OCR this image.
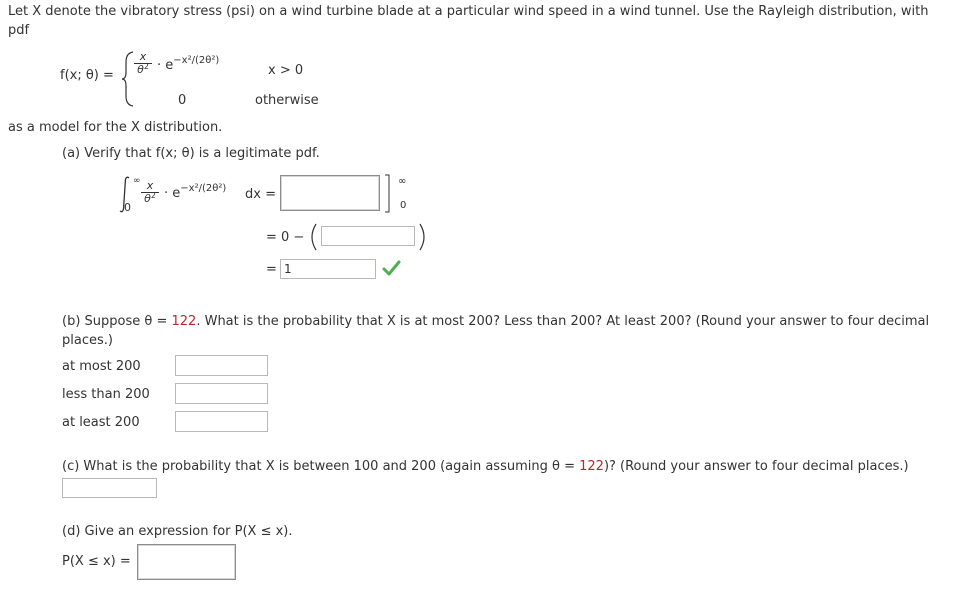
Let X denote the vibratory stress (psi) on a wind turbine blade at a particular wind speed in a wind tunnel. Use the Rayleigh distribution, with
pdf
f(x; $\theta) = \frac{x}{\theta^2} \cdot e^{-x^2/(2\theta^2)}$
x > 0
0	otherwise
as a model for the X distribution.
(a) Verify that f(x; θ) is a legitimate pdf.
∞
0
$\frac{x}{\theta^2} \cdot e^{-x^2/(2\theta^2)}$ dx =
∞
0
= 0 −
=
1
(b) Suppose θ = 122. What is the probability that X is at most 200? Less than 200? At least 200? (Round your answer to four decimal
places.)
at most 200
less than 200
at least 200
(c) What is the probability that X is between 100 and 200 (again assuming θ = 122)? (Round your answer to four decimal places.)
(d) Give an expression for P(X ≤ x).
P(X ≤ x) =
